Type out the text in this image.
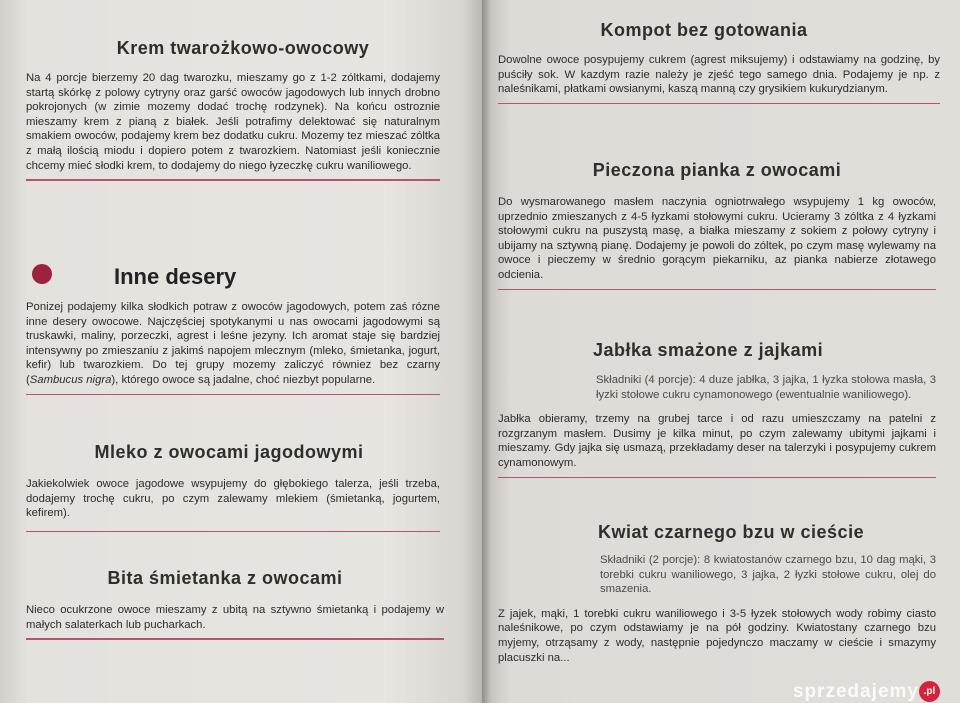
Krem twarożkowo-owocowy

Na 4 porcje bierzemy 20 dag twarozku, mieszamy go z 1-2 zóltkami, dodajemy startą skórkę z polowy cytryny oraz garść owoców jagodowych lub innych drobno pokrojonych (w zimie mozemy dodać trochę rodzynek). Na końcu ostroznie mieszamy krem z pianą z białek. Jeśli potrafimy delektować się naturalnym smakiem owoców, podajemy krem bez dodatku cukru. Mozemy tez mieszać zóltka z małą ilością miodu i dopiero potem z twarozkiem. Natomiast jeśli koniecznie chcemy mieć słodki krem, to dodajemy do niego łyzeczkę cukru waniliowego.

Inne desery

Ponizej podajemy kilka słodkich potraw z owoców jagodowych, potem zaś rózne inne desery owocowe. Najczęściej spotykanymi u nas owocami jagodowymi są truskawki, maliny, porzeczki, agrest i leśne jezyny. Ich aromat staje się bardziej intensywny po zmieszaniu z jakimś napojem mlecznym (mleko, śmietanka, jogurt, kefir) lub twarozkiem. Do tej grupy mozemy zaliczyć równiez bez czarny (Sambucus nigra), którego owoce są jadalne, choć niezbyt popularne.

Mleko z owocami jagodowymi

Jakiekolwiek owoce jagodowe wsypujemy do głębokiego talerza, jeśli trzeba, dodajemy trochę cukru, po czym zalewamy mlekiem (śmietanką, jogurtem, kefirem).

Bita śmietanka z owocami

Nieco ocukrzone owoce mieszamy z ubitą na sztywno śmietanką i podajemy w małych salaterkach lub pucharkach.

Kompot bez gotowania

Dowolne owoce posypujemy cukrem (agrest miksujemy) i odstawiamy na godzinę, by puściły sok. W kazdym razie należy je zjeść tego samego dnia. Podajemy je np. z naleśnikami, płatkami owsianymi, kaszą manną czy grysikiem kukurydzianym.

Pieczona pianka z owocami

Do wysmarowanego masłem naczynia ogniotrwałego wsypujemy 1 kg owoców, uprzednio zmieszanych z 4-5 łyzkami stołowymi cukru. Ucieramy 3 zóltka z 4 łyzkami stołowymi cukru na puszystą masę, a białka mieszamy z sokiem z połowy cytryny i ubijamy na sztywną pianę. Dodajemy je powoli do zóltek, po czym masę wylewamy na owoce i pieczemy w średnio gorącym piekarniku, az pianka nabierze złotawego odcienia.

Jabłka smażone z jajkami

Składniki (4 porcje): 4 duze jabłka, 3 jajka, 1 łyzka stołowa masła, 3 łyzki stołowe cukru cynamonowego (ewentualnie waniliowego).

Jabłka obieramy, trzemy na grubej tarce i od razu umieszczamy na patelni z rozgrzanym masłem. Dusimy je kilka minut, po czym zalewamy ubitymi jajkami i mieszamy. Gdy jajka się usmazą, przekładamy deser na talerzyki i posypujemy cukrem cynamonowym.

Kwiat czarnego bzu w cieście

Składniki (2 porcje): 8 kwiatostanów czarnego bzu, 10 dag mąki, 3 torebki cukru waniliowego, 3 jajka, 2 łyzki stołowe cukru, olej do smazenia.

Z jajek, mąki, 1 torebki cukru waniliowego i 3-5 łyzek stołowych wody robimy ciasto naleśnikowe, po czym odstawiamy je na pół godziny. Kwiatostany czarnego bzu myjemy, otrząsamy z wody, następnie pojedynczo maczamy w cieście i smazymy placuszki na...

sprzedajemy .pl
